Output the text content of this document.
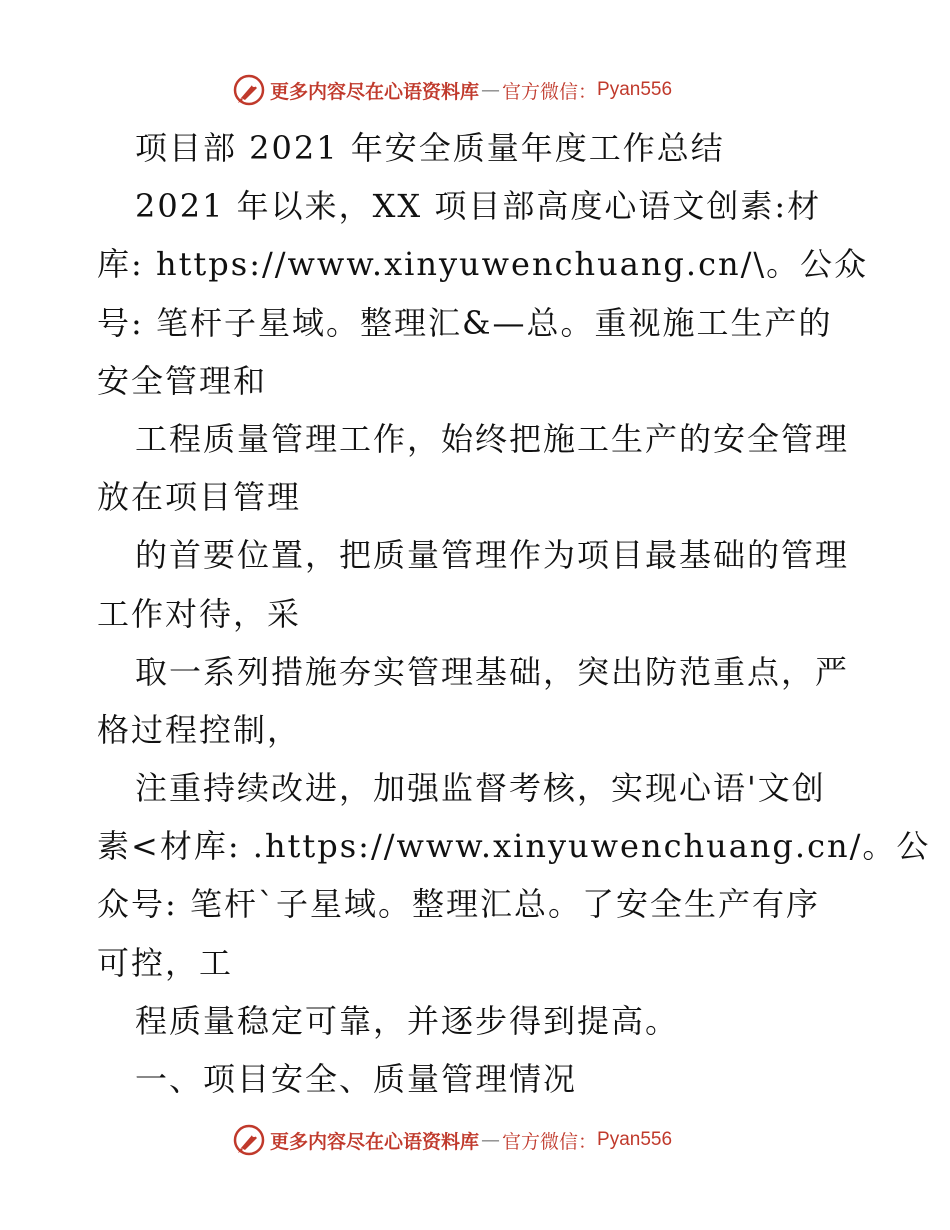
更多内容尽在心语资料库 — 官方微信： Pyan556
项目部 2021 年安全质量年度工作总结
2021 年以来，XX 项目部高度心语文创素:材
库: https://www.xinyuwenchuang.cn/\。公众
号: 笔杆子星域。整理汇&—总。重视施工生产的
安全管理和
工程质量管理工作，始终把施工生产的安全管理
放在项目管理
的首要位置，把质量管理作为项目最基础的管理
工作对待，采
取一系列措施夯实管理基础，突出防范重点，严
格过程控制，
注重持续改进，加强监督考核，实现心语'文创
素<材库: .https://www.xinyuwenchuang.cn/。公
众号: 笔杆`子星域。整理汇总。了安全生产有序
可控，工
程质量稳定可靠，并逐步得到提高。
一、项目安全、质量管理情况
更多内容尽在心语资料库 — 官方微信： Pyan556
